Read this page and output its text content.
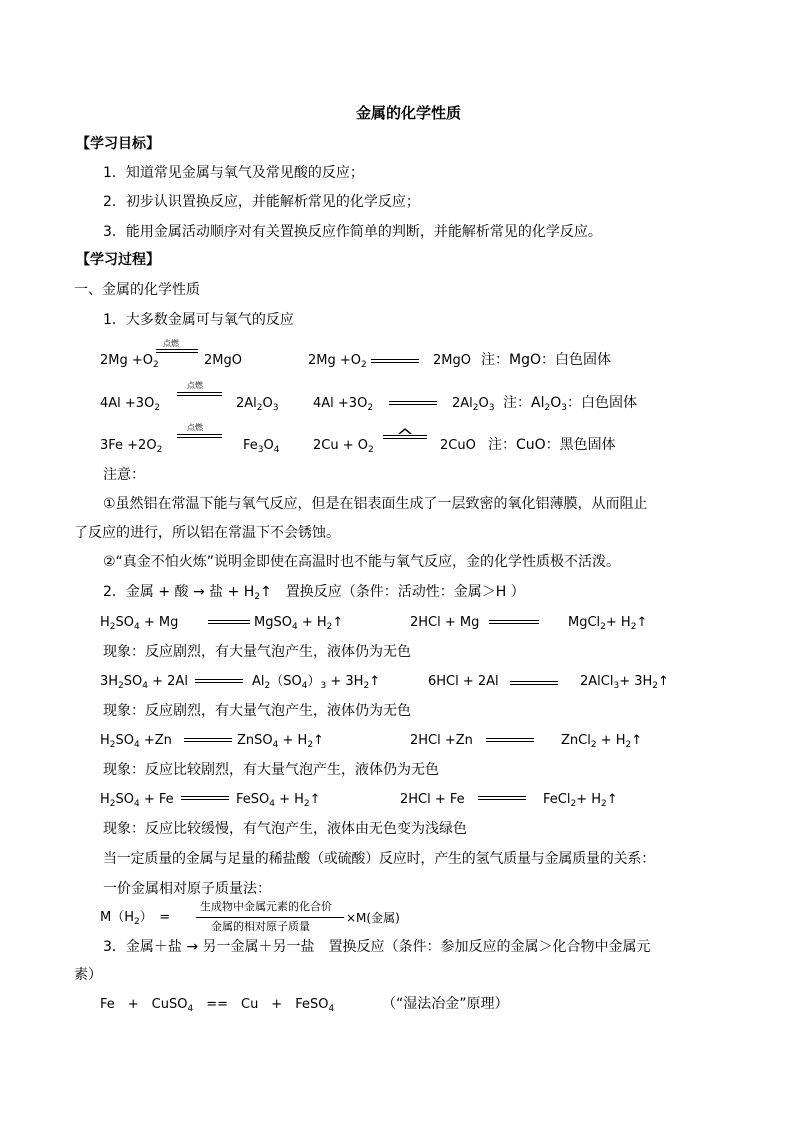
金属的化学性质
【学习目标】
1．知道常见金属与氧气及常见酸的反应；
2．初步认识置换反应，并能解析常见的化学反应；
3．能用金属活动顺序对有关置换反应作简单的判断，并能解析常见的化学反应。
【学习过程】
一、金属的化学性质
1．大多数金属可与氧气的反应
$2Mg +O_2$
点燃
2MgO	$2Mg +O_2$	2MgO 注：MgO：白色固体
$4Al +3O_2$
点燃
$2Al_2O_3$	$4Al +3O_2$	$2Al_2O_3$ 注：$Al_2O_3$：白色固体
$3Fe +2O_2$
点燃
$Fe_3O_4$	$2Cu + O_2$	2CuO 注：CuO：黑色固体
注意：
①虽然铝在常温下能与氧气反应，但是在铝表面生成了一层致密的氧化铝薄膜，从而阻止
了反应的进行，所以铝在常温下不会锈蚀。
②“真金不怕火炼”说明金即使在高温时也不能与氧气反应，金的化学性质极不活泼。
2．金属 + 酸 → 盐 + $H_2↑$　置换反应（条件：活动性：金属＞H ）
$H_2SO_4 + Mg$	MgSO$_4$ + $H_2↑$	2HCl + Mg	MgCl$_2$+ $H_2↑$
现象：反应剧烈，有大量气泡产生，液体仍为无色
$3H_2SO_4 + 2Al$	$Al_2(SO_4)_3$ + $3H_2↑$	6HCl + 2Al	2AlCl$_3$+ $3H_2↑$
现象：反应剧烈，有大量气泡产生，液体仍为无色
$H_2SO_4 +Zn$	ZnSO$_4$ + $H_2↑$	2HCl +Zn	ZnCl$_2$ + $H_2↑$
现象：反应比较剧烈，有大量气泡产生，液体仍为无色
$H_2SO_4 + Fe$	FeSO$_4$ + $H_2↑$	2HCl + Fe	FeCl$_2$+ $H_2↑$
现象：反应比较缓慢，有气泡产生，液体由无色变为浅绿色
当一定质量的金属与足量的稀盐酸（或硫酸）反应时，产生的氢气质量与金属质量的关系：
一价金属相对原子质量法：
$M(H_2)$　=
生成物中金属元素的化合价
金属的相对原子质量
×M(金属)
3．金属＋盐 → 另一金属＋另一盐　置换反应（条件：参加反应的金属＞化合物中金属元
素）
Fe　+　CuSO$_4$　==　Cu　+　FeSO$_4$	（“湿法冶金”原理）
